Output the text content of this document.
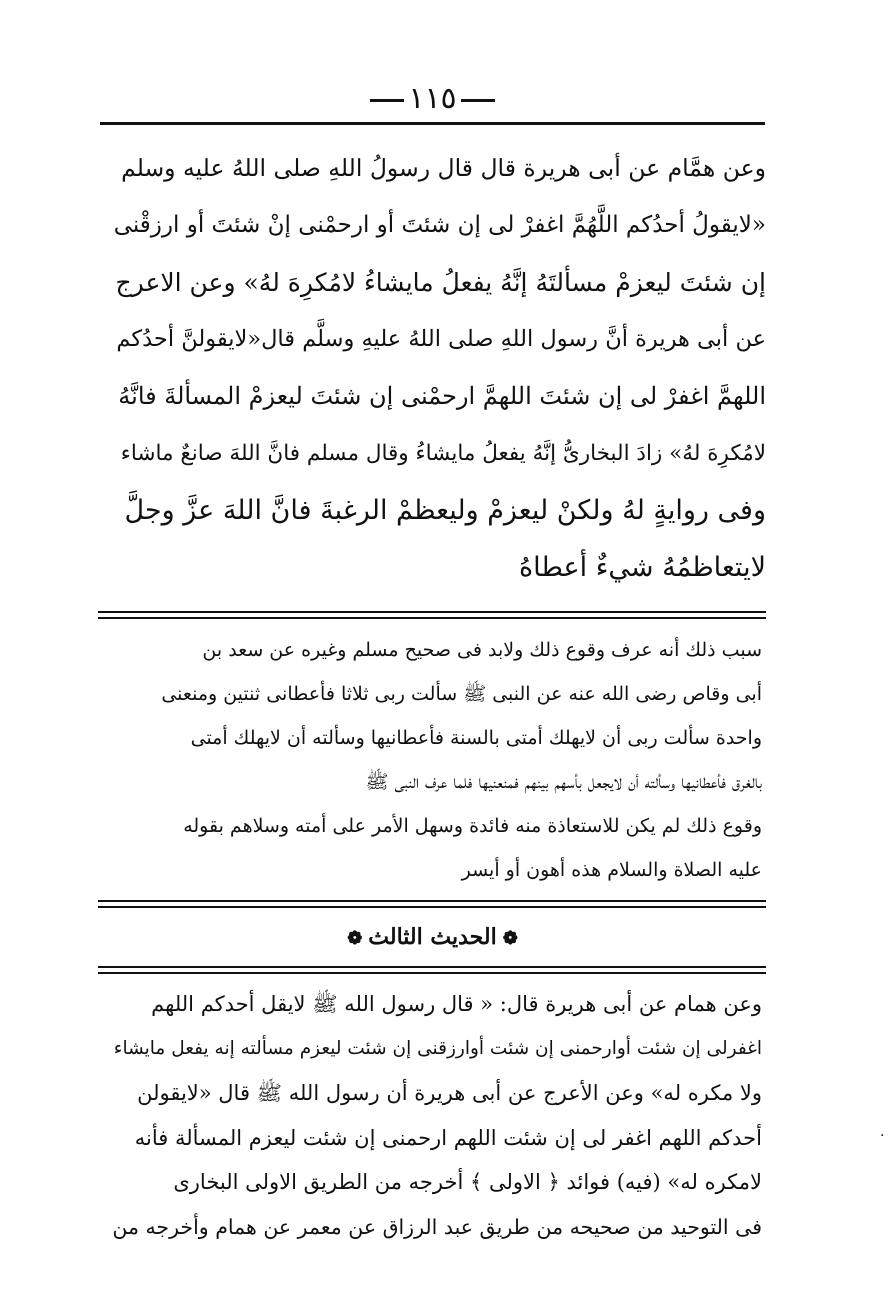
١١٥
وعن همَّام عن أبى هريرة قال قال رسولُ اللهِ صلى اللهُ عليه وسلم
«لايقولُ أحدُكم اللَّهُمَّ اغفرْ لى إن شئتَ أو ارحمْنى إنْ شئتَ أو ارزقْنى
إن شئتَ ليعزمْ مسألتَهُ إنَّهُ يفعلُ مايشاءُ لامُكرِهَ لهُ» وعن الاعرج
عن أبى هريرة أنَّ رسول اللهِ صلى اللهُ عليهِ وسلَّم قال«لايقولنَّ أحدُكم
اللهمَّ اغفرْ لى إن شئتَ اللهمَّ ارحمْنى إن شئتَ ليعزمْ المسألةَ فانَّهُ
لامُكرِهَ لهُ» زادَ البخارىُّ إنَّهُ يفعلُ مايشاءُ وقال مسلم فانَّ اللهَ صانعٌ ماشاء
وفى روايةٍ لهُ ولكنْ ليعزمْ وليعظمْ الرغبةَ فانَّ اللهَ عزَّ وجلَّ
لايتعاظمُهُ شيءٌ أعطاهُ
سبب ذلك أنه عرف وقوع ذلك ولابد فى صحيح مسلم وغيره عن سعد بن
أبى وقاص رضى الله عنه عن النبى ﷺ سألت ربى ثلاثا فأعطانى ثنتين ومنعنى
واحدة سألت ربى أن لايهلك أمتى بالسنة فأعطانيها وسألته أن لايهلك أمتى
بالغرق فأعطانيها وسألته أن لايجعل بأسهم بينهم فمنعنيها فلما عرف النبى ﷺ
وقوع ذلك لم يكن للاستعاذة منه فائدة وسهل الأمر على أمته وسلاهم بقوله
عليه الصلاة والسلام هذه أهون أو أيسر
❁الحديث الثالث❁
وعن همام عن أبى هريرة قال: « قال رسول الله ﷺ لايقل أحدكم اللهم
اغفرلى إن شئت أوارحمنى إن شئت أوارزقنى إن شئت ليعزم مسألته إنه يفعل مايشاء
ولا مكره له» وعن الأعرج عن أبى هريرة أن رسول الله ﷺ قال «لايقولن
أحدكم اللهم اغفر لى إن شئت اللهم ارحمنى إن شئت ليعزم المسألة فأنه
لامكره له» (فيه) فوائد ﴿ الاولى ﴾ أخرجه من الطريق الاولى البخارى
فى التوحيد من صحيحه من طريق عبد الرزاق عن معمر عن همام وأخرجه من
·
